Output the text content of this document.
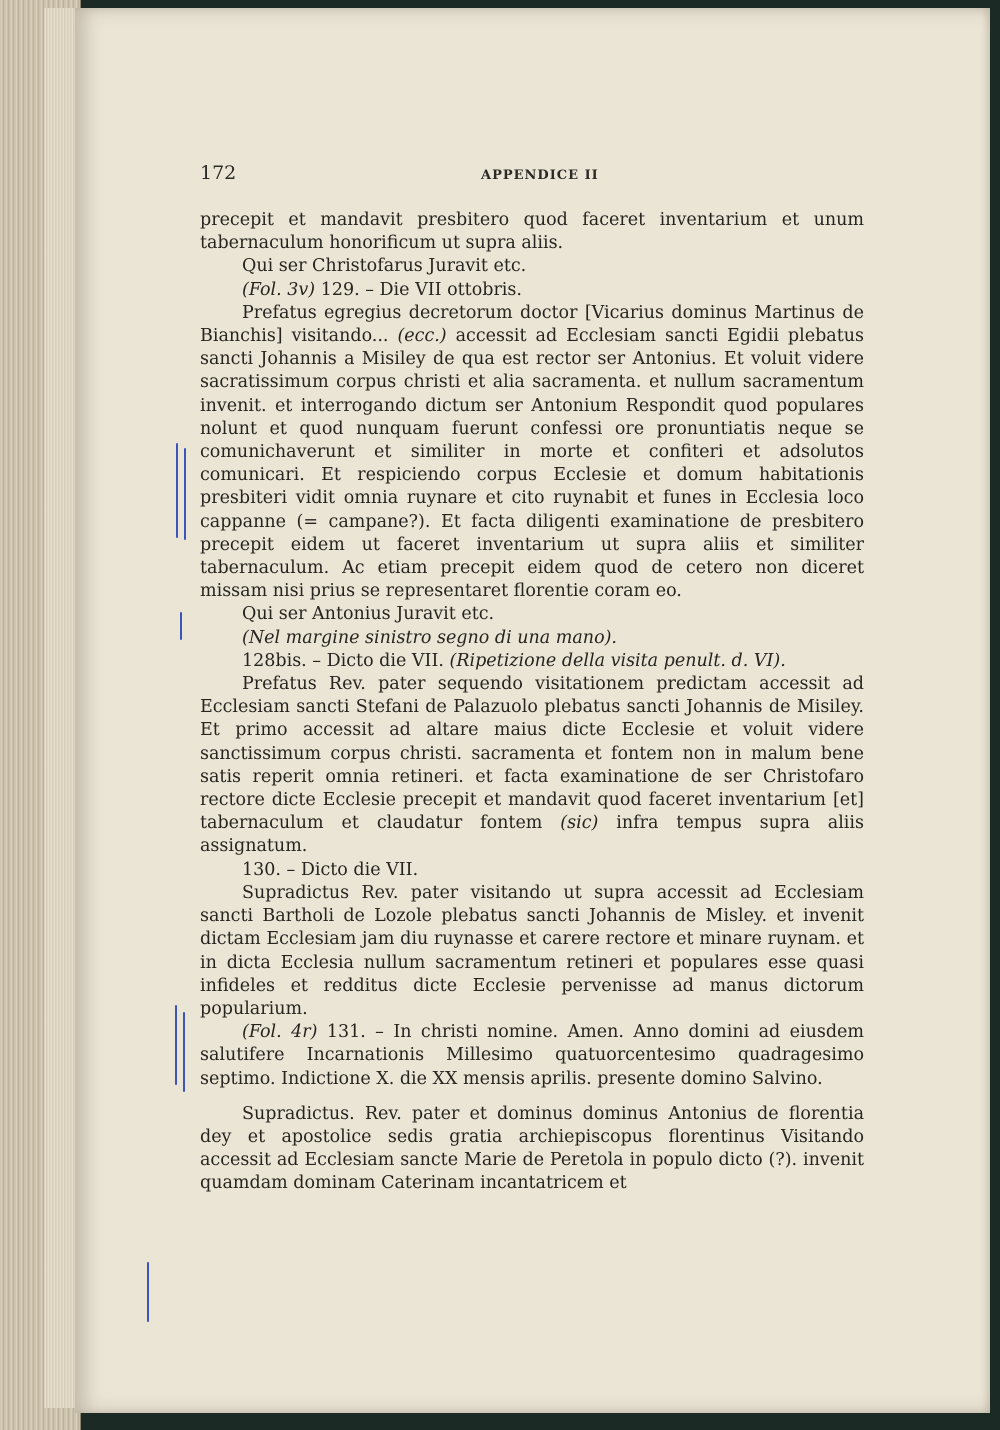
172	APPENDICE II

precepit et mandavit presbitero quod faceret inventarium et unum tabernaculum honorificum ut supra aliis.

Qui ser Christofarus Juravit etc.

(Fol. 3v) 129. – Die VII ottobris.

Prefatus egregius decretorum doctor [Vicarius dominus Martinus de Bianchis] visitando... (ecc.) accessit ad Ecclesiam sancti Egidii plebatus sancti Johannis a Misiley de qua est rector ser Antonius. Et voluit videre sacratissimum corpus christi et alia sacramenta. et nullum sacramentum invenit. et interrogando dictum ser Antonium Respondit quod populares nolunt et quod nunquam fuerunt confessi ore pronuntiatis neque se comunichaverunt et similiter in morte et confiteri et adsolutos comunicari. Et respiciendo corpus Ecclesie et domum habitationis presbiteri vidit omnia ruynare et cito ruynabit et funes in Ecclesia loco cappanne (= campane?). Et facta diligenti examinatione de presbitero precepit eidem ut faceret inventarium ut supra aliis et similiter tabernaculum. Ac etiam precepit eidem quod de cetero non diceret missam nisi prius se representaret florentie coram eo.

Qui ser Antonius Juravit etc.

(Nel margine sinistro segno di una mano).

128bis. – Dicto die VII. (Ripetizione della visita penult. d. VI).

Prefatus Rev. pater sequendo visitationem predictam accessit ad Ecclesiam sancti Stefani de Palazuolo plebatus sancti Johannis de Misiley. Et primo accessit ad altare maius dicte Ecclesie et voluit videre sanctissimum corpus christi. sacramenta et fontem non in malum bene satis reperit omnia retineri. et facta examinatione de ser Christofaro rectore dicte Ecclesie precepit et mandavit quod faceret inventarium [et] tabernaculum et claudatur fontem (sic) infra tempus supra aliis assignatum.

130. – Dicto die VII.

Supradictus Rev. pater visitando ut supra accessit ad Ecclesiam sancti Bartholi de Lozole plebatus sancti Johannis de Misley. et invenit dictam Ecclesiam jam diu ruynasse et carere rectore et minare ruynam. et in dicta Ecclesia nullum sacramentum retineri et populares esse quasi infideles et redditus dicte Ecclesie pervenisse ad manus dictorum popularium.

(Fol. 4r) 131. – In christi nomine. Amen. Anno domini ad eiusdem salutifere Incarnationis Millesimo quatuorcentesimo quadragesimo septimo. Indictione X. die XX mensis aprilis. presente domino Salvino.

Supradictus. Rev. pater et dominus dominus Antonius de florentia dey et apostolice sedis gratia archiepiscopus florentinus Visitando accessit ad Ecclesiam sancte Marie de Peretola in populo dicto (?). invenit quamdam dominam Caterinam incantatricem et
